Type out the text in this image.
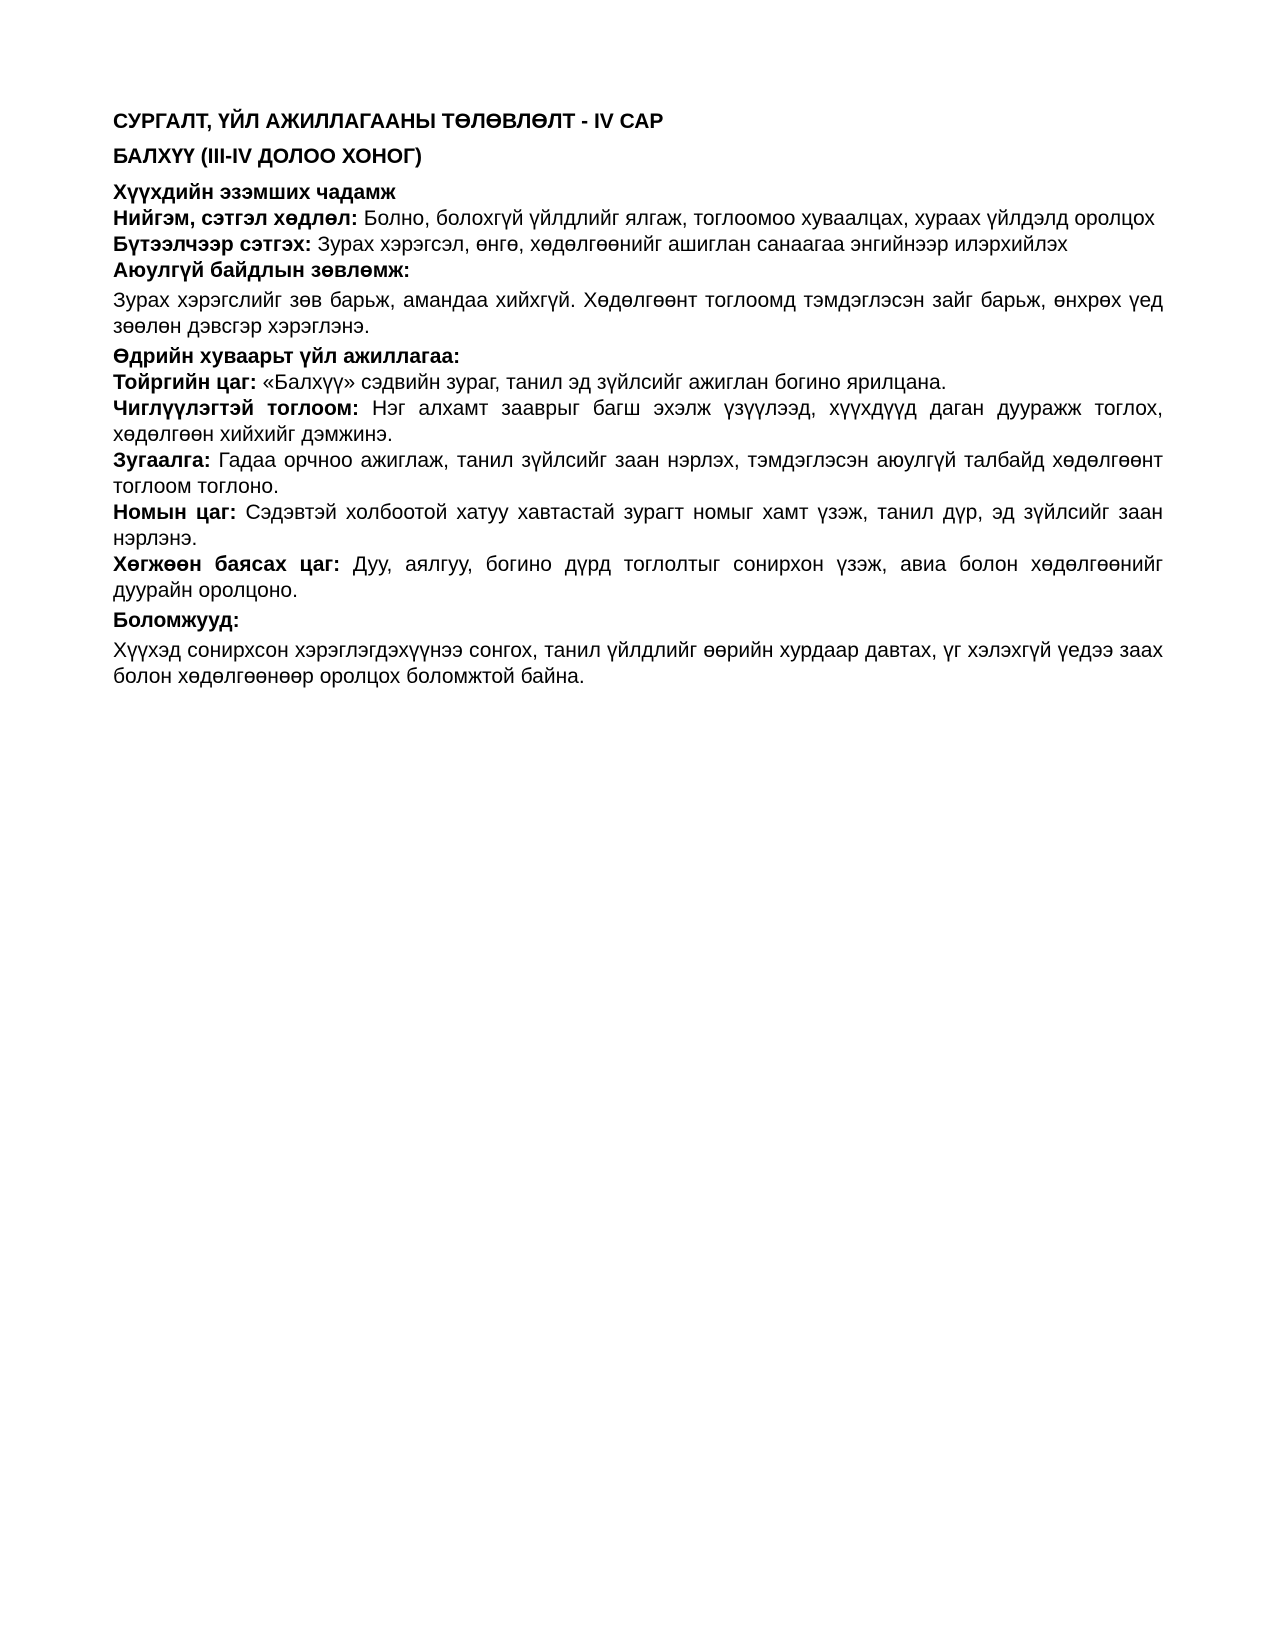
СУРГАЛТ, ҮЙЛ АЖИЛЛАГААНЫ ТӨЛӨВЛӨЛТ - IV САР

БАЛХҮҮ (III-IV ДОЛОО ХОНОГ)

Хүүхдийн эзэмших чадамж

Нийгэм, сэтгэл хөдлөл: Болно, болохгүй үйлдлийг ялгаж, тоглоомоо хуваалцах, хураах үйлдэлд оролцох

Бүтээлчээр сэтгэх: Зурах хэрэгсэл, өнгө, хөдөлгөөнийг ашиглан санаагаа энгийнээр илэрхийлэх

Аюулгүй байдлын зөвлөмж:

Зурах хэрэгслийг зөв барьж, амандаа хийхгүй. Хөдөлгөөнт тоглоомд тэмдэглэсэн зайг барьж, өнхрөх үед зөөлөн дэвсгэр хэрэглэнэ.

Өдрийн хуваарьт үйл ажиллагаа:

Тойргийн цаг: «Балхүү» сэдвийн зураг, танил эд зүйлсийг ажиглан богино ярилцана.

Чиглүүлэгтэй тоглоом: Нэг алхамт зааврыг багш эхэлж үзүүлээд, хүүхдүүд даган дууражж тоглох, хөдөлгөөн хийхийг дэмжинэ.

Зугаалга: Гадаа орчноо ажиглаж, танил зүйлсийг заан нэрлэх, тэмдэглэсэн аюулгүй талбайд хөдөлгөөнт тоглоом тоглоно.

Номын цаг: Сэдэвтэй холбоотой хатуу хавтастай зурагт номыг хамт үзэж, танил дүр, эд зүйлсийг заан нэрлэнэ.

Хөгжөөн баясах цаг: Дуу, аялгуу, богино дүрд тоглолтыг сонирхон үзэж, авиа болон хөдөлгөөнийг дуурайн оролцоно.

Боломжууд:

Хүүхэд сонирхсон хэрэглэгдэхүүнээ сонгох, танил үйлдлийг өөрийн хурдаар давтах, үг хэлэхгүй үедээ заах болон хөдөлгөөнөөр оролцох боломжтой байна.
